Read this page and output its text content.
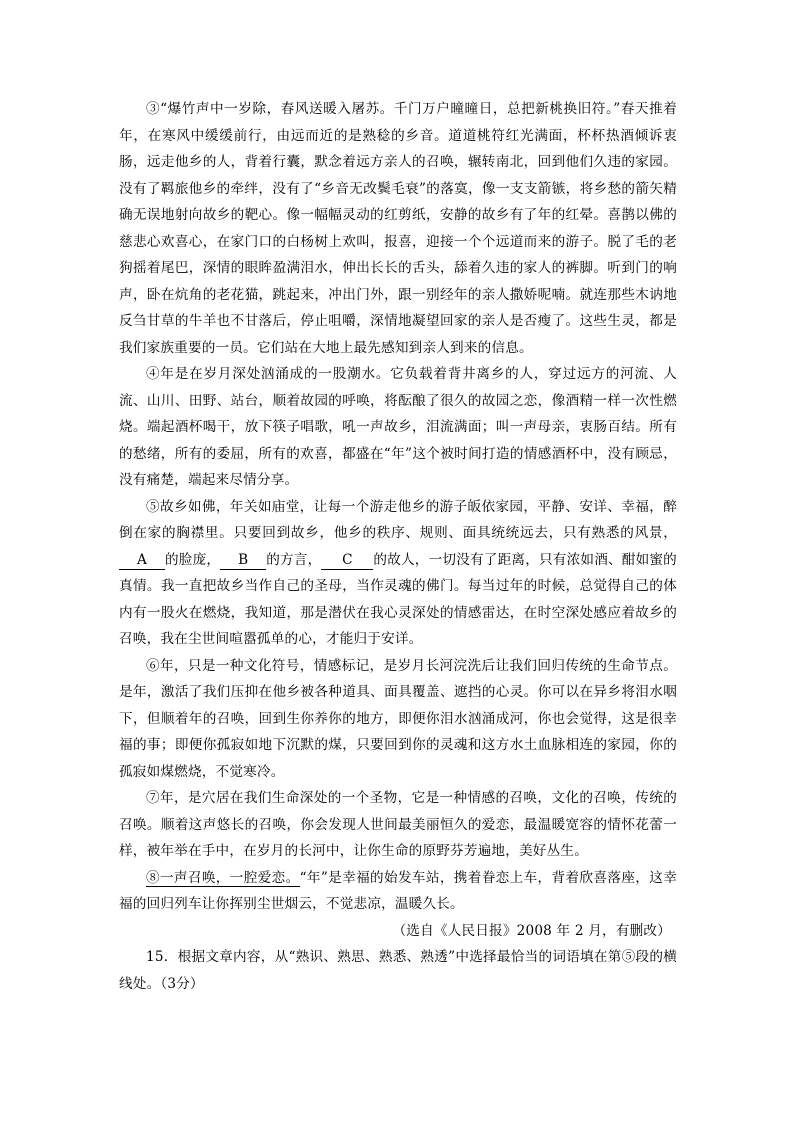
③“爆竹声中一岁除，春风送暖入屠苏。千门万户曈曈日，总把新桃换旧符。”春天推着年，在寒风中缓缓前行，由远而近的是熟稔的乡音。道道桃符红光满面，杯杯热酒倾诉衷肠，远走他乡的人，背着行囊，默念着远方亲人的召唤，辗转南北，回到他们久违的家园。没有了羁旅他乡的牵绊，没有了“乡音无改鬓毛衰”的落寞，像一支支箭镞，将乡愁的箭矢精确无误地射向故乡的靶心。像一幅幅灵动的红剪纸，安静的故乡有了年的红晕。喜鹊以佛的慈悲心欢喜心，在家门口的白杨树上欢叫，报喜，迎接一个个远道而来的游子。脱了毛的老狗摇着尾巴，深情的眼眸盈满泪水，伸出长长的舌头，舔着久违的家人的裤脚。听到门的响声，卧在炕角的老花猫，跳起来，冲出门外，跟一别经年的亲人撒娇呢喃。就连那些木讷地反刍甘草的牛羊也不甘落后，停止咀嚼，深情地凝望回家的亲人是否瘦了。这些生灵，都是我们家族重要的一员。它们站在大地上最先感知到亲人到来的信息。

④年是在岁月深处汹涌成的一股潮水。它负载着背井离乡的人，穿过远方的河流、人流、山川、田野、站台，顺着故园的呼唤，将酝酿了很久的故园之恋，像酒精一样一次性燃烧。端起酒杯喝干，放下筷子唱歌，吼一声故乡，泪流满面；叫一声母亲，衷肠百结。所有的愁绪，所有的委屈，所有的欢喜，都盛在“年”这个被时间打造的情感酒杯中，没有顾忌，没有痛楚，端起来尽情分享。

⑤故乡如佛，年关如庙堂，让每一个游走他乡的游子皈依家园，平静、安详、幸福，醉倒在家的胸襟里。只要回到故乡，他乡的秩序、规则、面具统统远去，只有熟悉的风景，A 的脸庞， B 的方言， C 的故人，一切没有了距离，只有浓如酒、酣如蜜的真情。我一直把故乡当作自己的圣母，当作灵魂的佛门。每当过年的时候，总觉得自己的体内有一股火在燃烧，我知道，那是潜伏在我心灵深处的情感雷达，在时空深处感应着故乡的召唤，我在尘世间喧嚣孤单的心，才能归于安详。

⑥年，只是一种文化符号，情感标记，是岁月长河浣洗后让我们回归传统的生命节点。是年，激活了我们压抑在他乡被各种道具、面具覆盖、遮挡的心灵。你可以在异乡将泪水咽下，但顺着年的召唤，回到生你养你的地方，即便你泪水汹涌成河，你也会觉得，这是很幸福的事；即便你孤寂如地下沉默的煤，只要回到你的灵魂和这方水土血脉相连的家园，你的孤寂如煤燃烧，不觉寒冷。

⑦年，是穴居在我们生命深处的一个圣物，它是一种情感的召唤，文化的召唤，传统的召唤。顺着这声悠长的召唤，你会发现人世间最美丽恒久的爱恋，最温暖宽容的情怀花蕾一样，被年举在手中，在岁月的长河中，让你生命的原野芬芳遍地，美好丛生。

⑧一声召唤，一腔爱恋。“年”是幸福的始发车站，携着眷恋上车，背着欣喜落座，这幸福的回归列车让你挥别尘世烟云，不觉悲凉，温暖久长。

（选自《人民日报》2008 年 2 月，有删改）

15．根据文章内容，从“熟识、熟思、熟悉、熟透”中选择最恰当的词语填在第⑤段的横线处。（3分）
